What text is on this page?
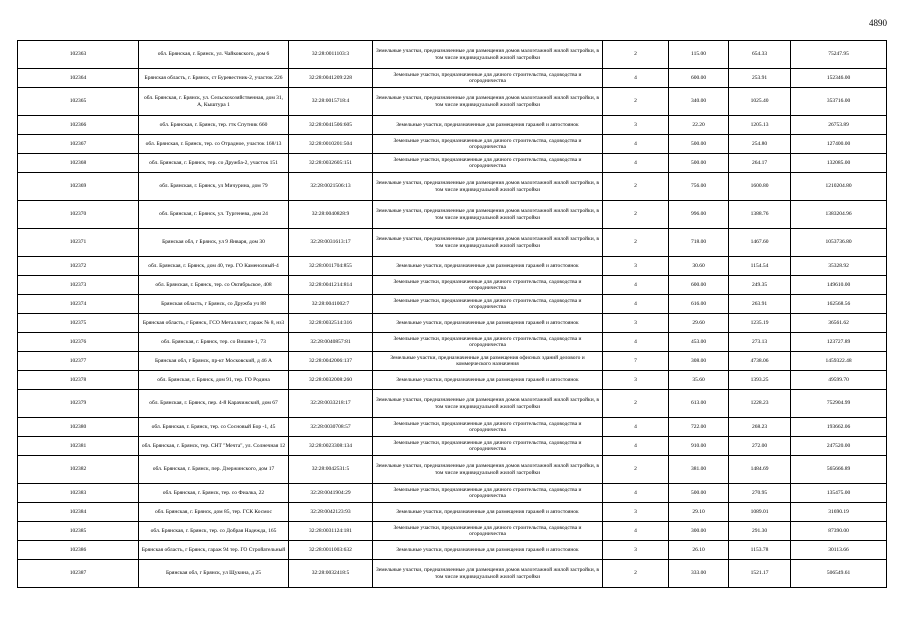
4890
102363	обл. Брянская, г. Брянск, ул. Чайковского, дом 6	32:28:0011103:3	Земельные участки, предназначенные для размещения домов малоэтажной жилой застройки, в том числе индивидуальной жилой застройки	2	115.00	654.33	75247.95
102364	Брянская область, г. Брянск, ст Буревестник-2, участок 226	32:28:0041209:228	Земельные участки, предназначенные для дачного строительства, садоводства и огородничества	4	600.00	253.91	152346.00
102365	обл. Брянская, г. Брянск, ул. Сельскохозяйственная, дом 31, А, Кыштура 1	32:28:0015718:4	Земельные участки, предназначенные для размещения домов малоэтажной жилой застройки, в том числе индивидуальной жилой застройки	2	340.00	1025.40	353716.00
102366	обл. Брянская, г. Брянск, тер. гтк Спутник 660	32:28:0041506:605	Земельные участки, предназначенные для размещения гаражей и автостоянок	3	22.20	1205.13	26753.89
102367	обл. Брянская, г. Брянск, тер. со Отрадное, участок 168/13	32:28:0010201:504	Земельные участки, предназначенные для дачного строительства, садоводства и огородничества	4	500.00	254.80	127400.00
102368	обл. Брянская, г. Брянск, тер. со Дружба-2, участок 151	32:28:0032605:151	Земельные участки, предназначенные для дачного строительства, садоводства и огородничества	4	500.00	264.17	132085.00
102369	обл. Брянская, г. Брянск, ул Мичурина, дом 79	32:28:0021506:13	Земельные участки, предназначенные для размещения домов малоэтажной жилой застройки, в том числе индивидуальной жилой застройки	2	756.00	1600.80	1210204.80
102370	обл. Брянская, г. Брянск, ул. Тургенева, дом 24	32:28:0040828:9	Земельные участки, предназначенные для размещения домов малоэтажной жилой застройки, в том числе индивидуальной жилой застройки	2	996.00	1388.76	1383204.96
102371	Брянская обл, г Брянск, ул 9 Января, дом 30	32:28:0031613:17	Земельные участки, предназначенные для размещения домов малоэтажной жилой застройки, в том числе индивидуальной жилой застройки	2	718.00	1467.60	1053736.80
102372	обл. Брянская, г. Брянск, дом 40, тер. ГО Каменолный-4	32:28:0011704:855	Земельные участки, предназначенные для размещения гаражей и автостоянок	3	30.60	1154.54	35328.92
102373	обл. Брянская, г. Брянск, тер. со Октябрьское, 408	32:28:0041214:814	Земельные участки, предназначенные для дачного строительства, садоводства и огородничества	4	600.00	249.35	149610.00
102374	Брянская область, г Брянск, со Дружба уч 88	32:28:0041002:7	Земельные участки, предназначенные для дачного строительства, садоводства и огородничества	4	616.00	263.91	162568.56
102375	Брянская область, г Брянск, ГСО Металлист, гараж № 8, нз3	32:28:0032514:316	Земельные участки, предназначенные для размещения гаражей и автостоянок	3	29.60	1235.19	36561.62
102376	обл. Брянская, г. Брянск, тер. со Вишня-1, 73	32:28:0040857:81	Земельные участки, предназначенные для дачного строительства, садоводства и огородничества	4	453.00	273.13	123727.89
102377	Брянская обл, г Брянск, пр-кт Московский, д 46 А	32:28:0042006:137	Земельные участки, предназначенные для размещения офисных зданий делового и коммерческого назначения	7	308.00	4738.06	1459322.48
102378	обл. Брянская, г. Брянск, дом 91, тер. ГО Родина	32:28:0032008:260	Земельные участки, предназначенные для размещения гаражей и автостоянок	3	35.60	1393.25	49599.70
102379	обл. Брянская, г. Брянск, пер. 4-й Карачижский, дом 67	32:28:0033218:17	Земельные участки, предназначенные для размещения домов малоэтажной жилой застройки, в том числе индивидуальной жилой застройки	2	613.00	1228.23	752904.99
102380	обл. Брянская, г. Брянск, тер. со Сосновый Бор -1, 45	32:28:0030708:57	Земельные участки, предназначенные для дачного строительства, садоводства и огородничества	4	722.00	268.23	193662.06
102381	обл. Брянская, г. Брянск, тер. СНТ "Мечта", ул. Солнечная 12	32:28:0023308:134	Земельные участки, предназначенные для дачного строительства, садоводства и огородничества	4	910.00	272.00	247520.00
102382	обл. Брянская, г. Брянск, пер. Дзержинского, дом 17	32:28:0042531:5	Земельные участки, предназначенные для размещения домов малоэтажной жилой застройки, в том числе индивидуальной жилой застройки	2	381.00	1484.69	565666.89
102383	обл. Брянская, г. Брянск, тер. со Фиалка, 22	32:28:0041904:29	Земельные участки, предназначенные для дачного строительства, садоводства и огородничества	4	500.00	270.95	135475.00
102384	обл. Брянская, г. Брянск, дом 85, тер. ГСК Космос	32:28:0042123:93	Земельные участки, предназначенные для размещения гаражей и автостоянок	3	29.10	1089.01	31690.19
102385	обл. Брянская, г. Брянск, тер. со Добрая Надежда, 165	32:28:0031124:181	Земельные участки, предназначенные для дачного строительства, садоводства и огородничества	4	300.00	291.30	87390.00
102386	Брянская область, г Брянск, гараж 94 тер. ГО Стройательный	32:28:0011003:632	Земельные участки, предназначенные для размещения гаражей и автостоянок	3	26.10	1153.78	30113.66
102387	Брянская обл, г Брянск, ул Щукина, д 25	32:28:0032418:5	Земельные участки, предназначенные для размещения домов малоэтажной жилой застройки, в том числе индивидуальной жилой застройки	2	333.00	1521.17	506549.61
